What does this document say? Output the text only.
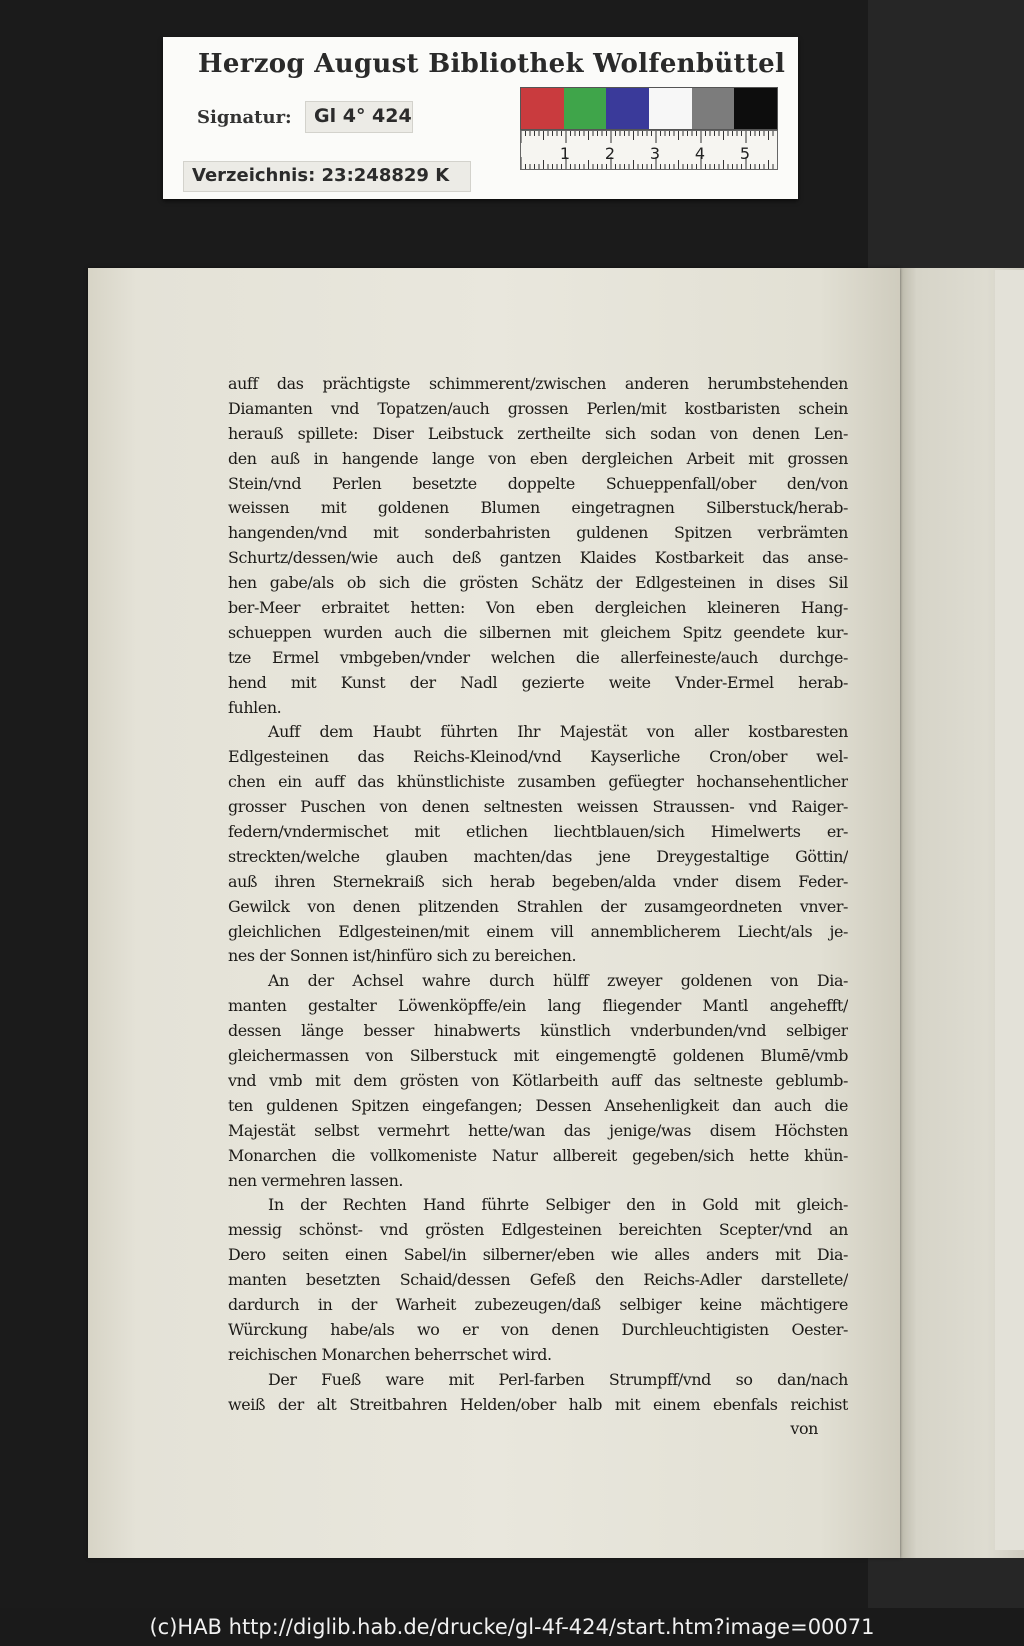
Herzog August Bibliothek Wolfenbüttel
Signatur: Gl 4° 424
Verzeichnis: 23:248829 K
1 2 3 4 5
auff das prächtigste schimmerent/zwischen anderen herumbstehenden
Diamanten vnd Topatzen/auch grossen Perlen/mit kostbaristen schein
herauß spillete: Diser Leibstuck zertheilte sich sodan von denen Len-
den auß in hangende lange von eben dergleichen Arbeit mit grossen
Stein/vnd Perlen besetzte doppelte Schueppenfall/ober den/von
weissen mit goldenen Blumen eingetragnen Silberstuck/herab-
hangenden/vnd mit sonderbahristen guldenen Spitzen verbrämten
Schurtz/dessen/wie auch deß gantzen Klaides Kostbarkeit das anse-
hen gabe/als ob sich die grösten Schätz der Edlgesteinen in dises Sil
ber-Meer erbraitet hetten: Von eben dergleichen kleineren Hang-
schueppen wurden auch die silbernen mit gleichem Spitz geendete kur-
tze Ermel vmbgeben/vnder welchen die allerfeineste/auch durchge-
hend mit Kunst der Nadl gezierte weite Vnder-Ermel herab-
fuhlen.
Auff dem Haubt führten Ihr Majestät von aller kostbaresten
Edlgesteinen das Reichs-Kleinod/vnd Kayserliche Cron/ober wel-
chen ein auff das khünstlichiste zusamben gefüegter hochansehentlicher
grosser Puschen von denen seltnesten weissen Straussen- vnd Raiger-
federn/vndermischet mit etlichen liechtblauen/sich Himelwerts er-
streckten/welche glauben machten/das jene Dreygestaltige Göttin/
auß ihren Sternekraiß sich herab begeben/alda vnder disem Feder-
Gewilck von denen plitzenden Strahlen der zusamgeordneten vnver-
gleichlichen Edlgesteinen/mit einem vill annemblicherem Liecht/als je-
nes der Sonnen ist/hinfüro sich zu bereichen.
An der Achsel wahre durch hülff zweyer goldenen von Dia-
manten gestalter Löwenköpffe/ein lang fliegender Mantl angehefft/
dessen länge besser hinabwerts künstlich vnderbunden/vnd selbiger
gleichermassen von Silberstuck mit eingemengtē goldenen Blumē/vmb
vnd vmb mit dem grösten von Kötlarbeith auff das seltneste geblumb-
ten guldenen Spitzen eingefangen; Dessen Ansehenligkeit dan auch die
Majestät selbst vermehrt hette/wan das jenige/was disem Höchsten
Monarchen die vollkomeniste Natur allbereit gegeben/sich hette khün-
nen vermehren lassen.
In der Rechten Hand führte Selbiger den in Gold mit gleich-
messig schönst- vnd grösten Edlgesteinen bereichten Scepter/vnd an
Dero seiten einen Sabel/in silberner/eben wie alles anders mit Dia-
manten besetzten Schaid/dessen Gefeß den Reichs-Adler darstellete/
dardurch in der Warheit zubezeugen/daß selbiger keine mächtigere
Würckung habe/als wo er von denen Durchleuchtigisten Oester-
reichischen Monarchen beherrschet wird.
Der Fueß ware mit Perl-farben Strumpff/vnd so dan/nach
weiß der alt Streitbahren Helden/ober halb mit einem ebenfals reichist
von
(c)HAB http://diglib.hab.de/drucke/gl-4f-424/start.htm?image=00071
